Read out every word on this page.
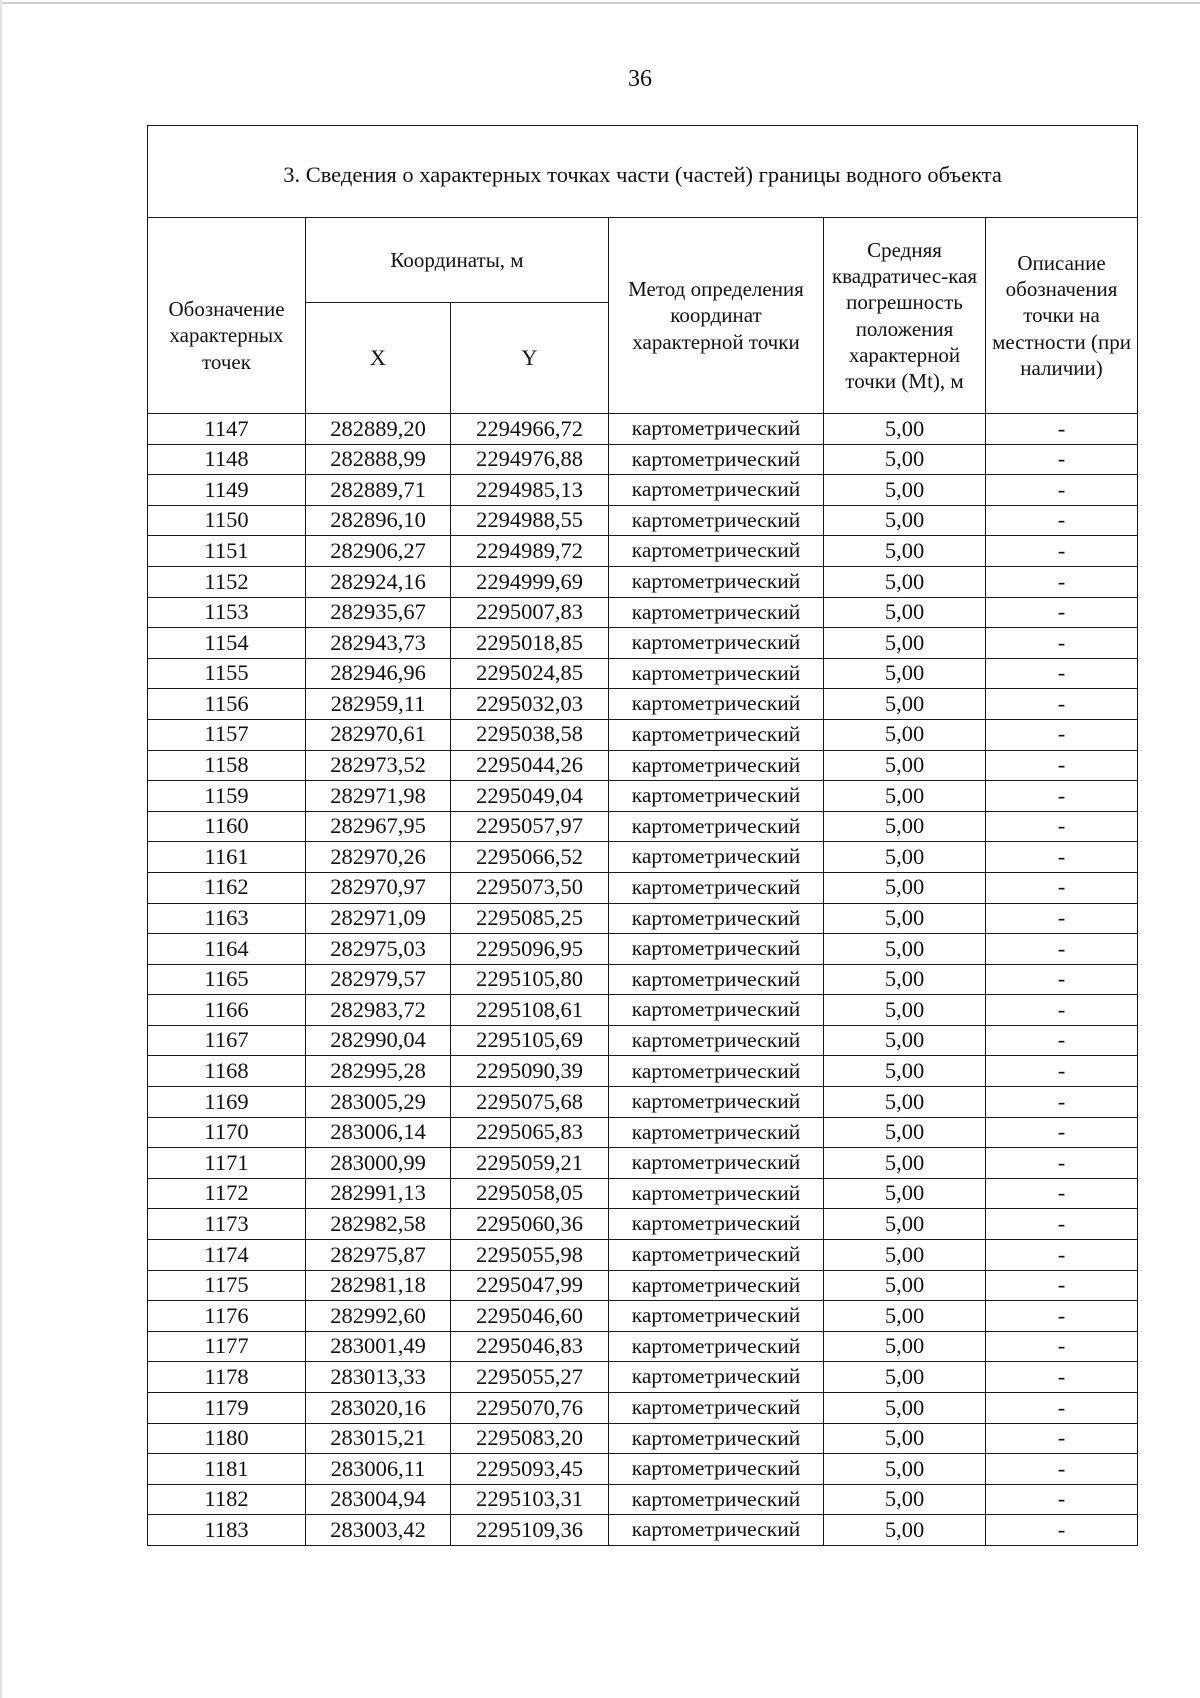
36
3. Сведения о характерных точках части (частей) границы водного объекта					
Обозначение характерных точек	Координаты, м		Метод определения координат характерной точки	Средняя квадратичес-кая погрешность положения характерной точки (Mt), м	Описание обозначения точки на местности (при наличии)
	X	Y			
1147	282889,20	2294966,72	картометрический	5,00	-
1148	282888,99	2294976,88	картометрический	5,00	-
1149	282889,71	2294985,13	картометрический	5,00	-
1150	282896,10	2294988,55	картометрический	5,00	-
1151	282906,27	2294989,72	картометрический	5,00	-
1152	282924,16	2294999,69	картометрический	5,00	-
1153	282935,67	2295007,83	картометрический	5,00	-
1154	282943,73	2295018,85	картометрический	5,00	-
1155	282946,96	2295024,85	картометрический	5,00	-
1156	282959,11	2295032,03	картометрический	5,00	-
1157	282970,61	2295038,58	картометрический	5,00	-
1158	282973,52	2295044,26	картометрический	5,00	-
1159	282971,98	2295049,04	картометрический	5,00	-
1160	282967,95	2295057,97	картометрический	5,00	-
1161	282970,26	2295066,52	картометрический	5,00	-
1162	282970,97	2295073,50	картометрический	5,00	-
1163	282971,09	2295085,25	картометрический	5,00	-
1164	282975,03	2295096,95	картометрический	5,00	-
1165	282979,57	2295105,80	картометрический	5,00	-
1166	282983,72	2295108,61	картометрический	5,00	-
1167	282990,04	2295105,69	картометрический	5,00	-
1168	282995,28	2295090,39	картометрический	5,00	-
1169	283005,29	2295075,68	картометрический	5,00	-
1170	283006,14	2295065,83	картометрический	5,00	-
1171	283000,99	2295059,21	картометрический	5,00	-
1172	282991,13	2295058,05	картометрический	5,00	-
1173	282982,58	2295060,36	картометрический	5,00	-
1174	282975,87	2295055,98	картометрический	5,00	-
1175	282981,18	2295047,99	картометрический	5,00	-
1176	282992,60	2295046,60	картометрический	5,00	-
1177	283001,49	2295046,83	картометрический	5,00	-
1178	283013,33	2295055,27	картометрический	5,00	-
1179	283020,16	2295070,76	картометрический	5,00	-
1180	283015,21	2295083,20	картометрический	5,00	-
1181	283006,11	2295093,45	картометрический	5,00	-
1182	283004,94	2295103,31	картометрический	5,00	-
1183	283003,42	2295109,36	картометрический	5,00	-
